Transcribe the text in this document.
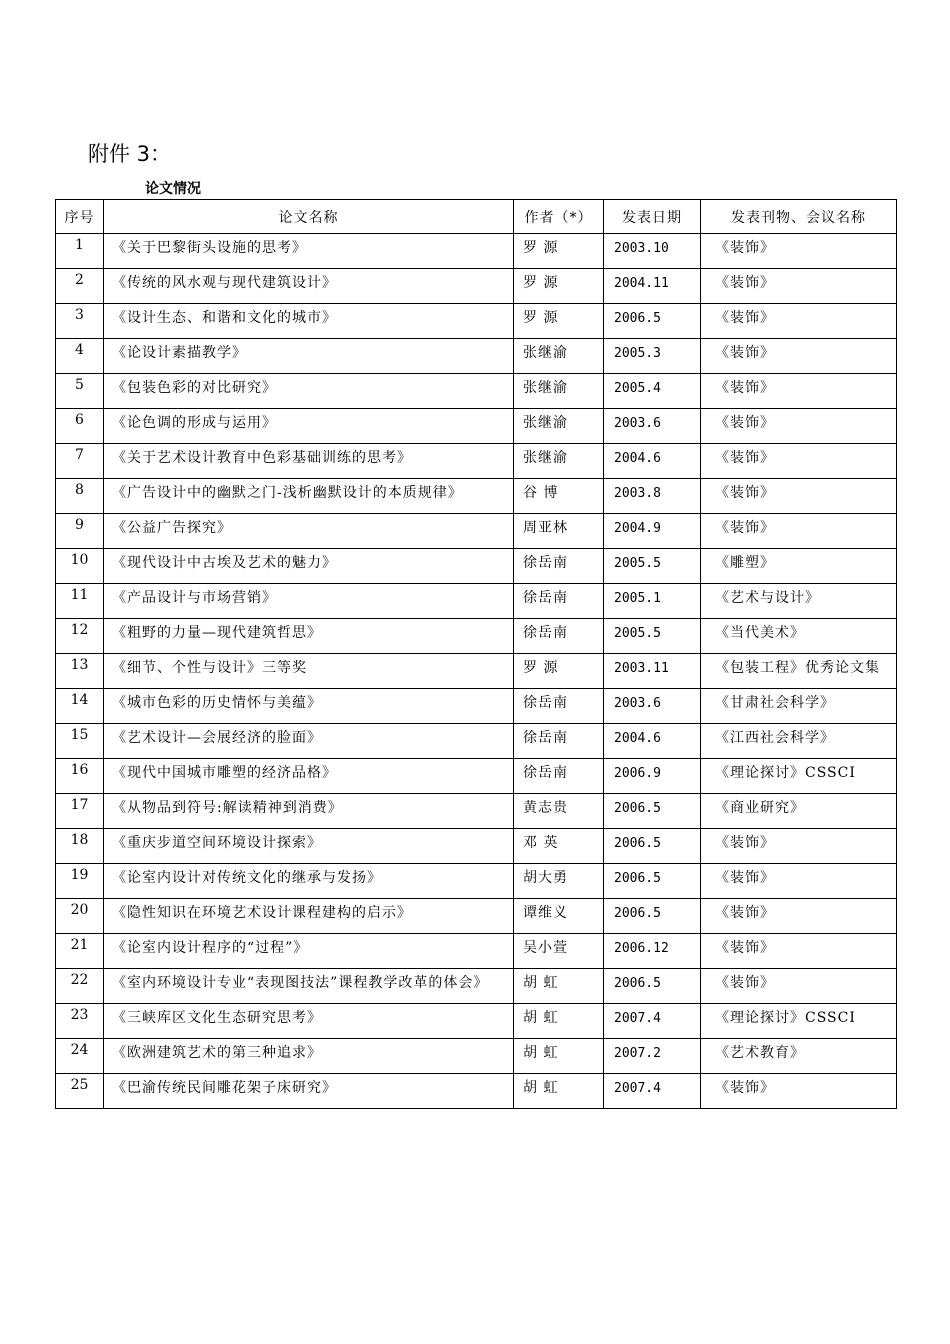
附件 3：
论文情况
序号	论文名称	作者（*）	发表日期	发表刊物、会议名称

1	《关于巴黎街头设施的思考》	罗 源	2003.10	《装饰》

2	《传统的风水观与现代建筑设计》	罗 源	2004.11	《装饰》

3	《设计生态、和谐和文化的城市》	罗 源	2006.5	《装饰》

4	《论设计素描教学》	张继渝	2005.3	《装饰》

5	《包装色彩的对比研究》	张继渝	2005.4	《装饰》

6	《论色调的形成与运用》	张继渝	2003.6	《装饰》

7	《关于艺术设计教育中色彩基础训练的思考》	张继渝	2004.6	《装饰》

8	《广告设计中的幽默之门-浅析幽默设计的本质规律》	谷 博	2003.8	《装饰》

9	《公益广告探究》	周亚林	2004.9	《装饰》

10	《现代设计中古埃及艺术的魅力》	徐岳南	2005.5	《雕塑》

11	《产品设计与市场营销》	徐岳南	2005.1	《艺术与设计》

12	《粗野的力量—现代建筑哲思》	徐岳南	2005.5	《当代美术》

13	《细节、个性与设计》三等奖	罗 源	2003.11	《包装工程》优秀论文集

14	《城市色彩的历史情怀与美蕴》	徐岳南	2003.6	《甘肃社会科学》

15	《艺术设计—会展经济的脸面》	徐岳南	2004.6	《江西社会科学》

16	《现代中国城市雕塑的经济品格》	徐岳南	2006.9	《理论探讨》CSSCI

17	《从物品到符号:解读精神到消费》	黄志贵	2006.5	《商业研究》

18	《重庆步道空间环境设计探索》	邓 英	2006.5	《装饰》

19	《论室内设计对传统文化的继承与发扬》	胡大勇	2006.5	《装饰》

20	《隐性知识在环境艺术设计课程建构的启示》	谭维义	2006.5	《装饰》

21	《论室内设计程序的“过程”》	吴小萱	2006.12	《装饰》

22	《室内环境设计专业“表现图技法”课程教学改革的体会》	胡 虹	2006.5	《装饰》

23	《三峡库区文化生态研究思考》	胡 虹	2007.4	《理论探讨》CSSCI

24	《欧洲建筑艺术的第三种追求》	胡 虹	2007.2	《艺术教育》

25	《巴渝传统民间雕花架子床研究》	胡 虹	2007.4	《装饰》
